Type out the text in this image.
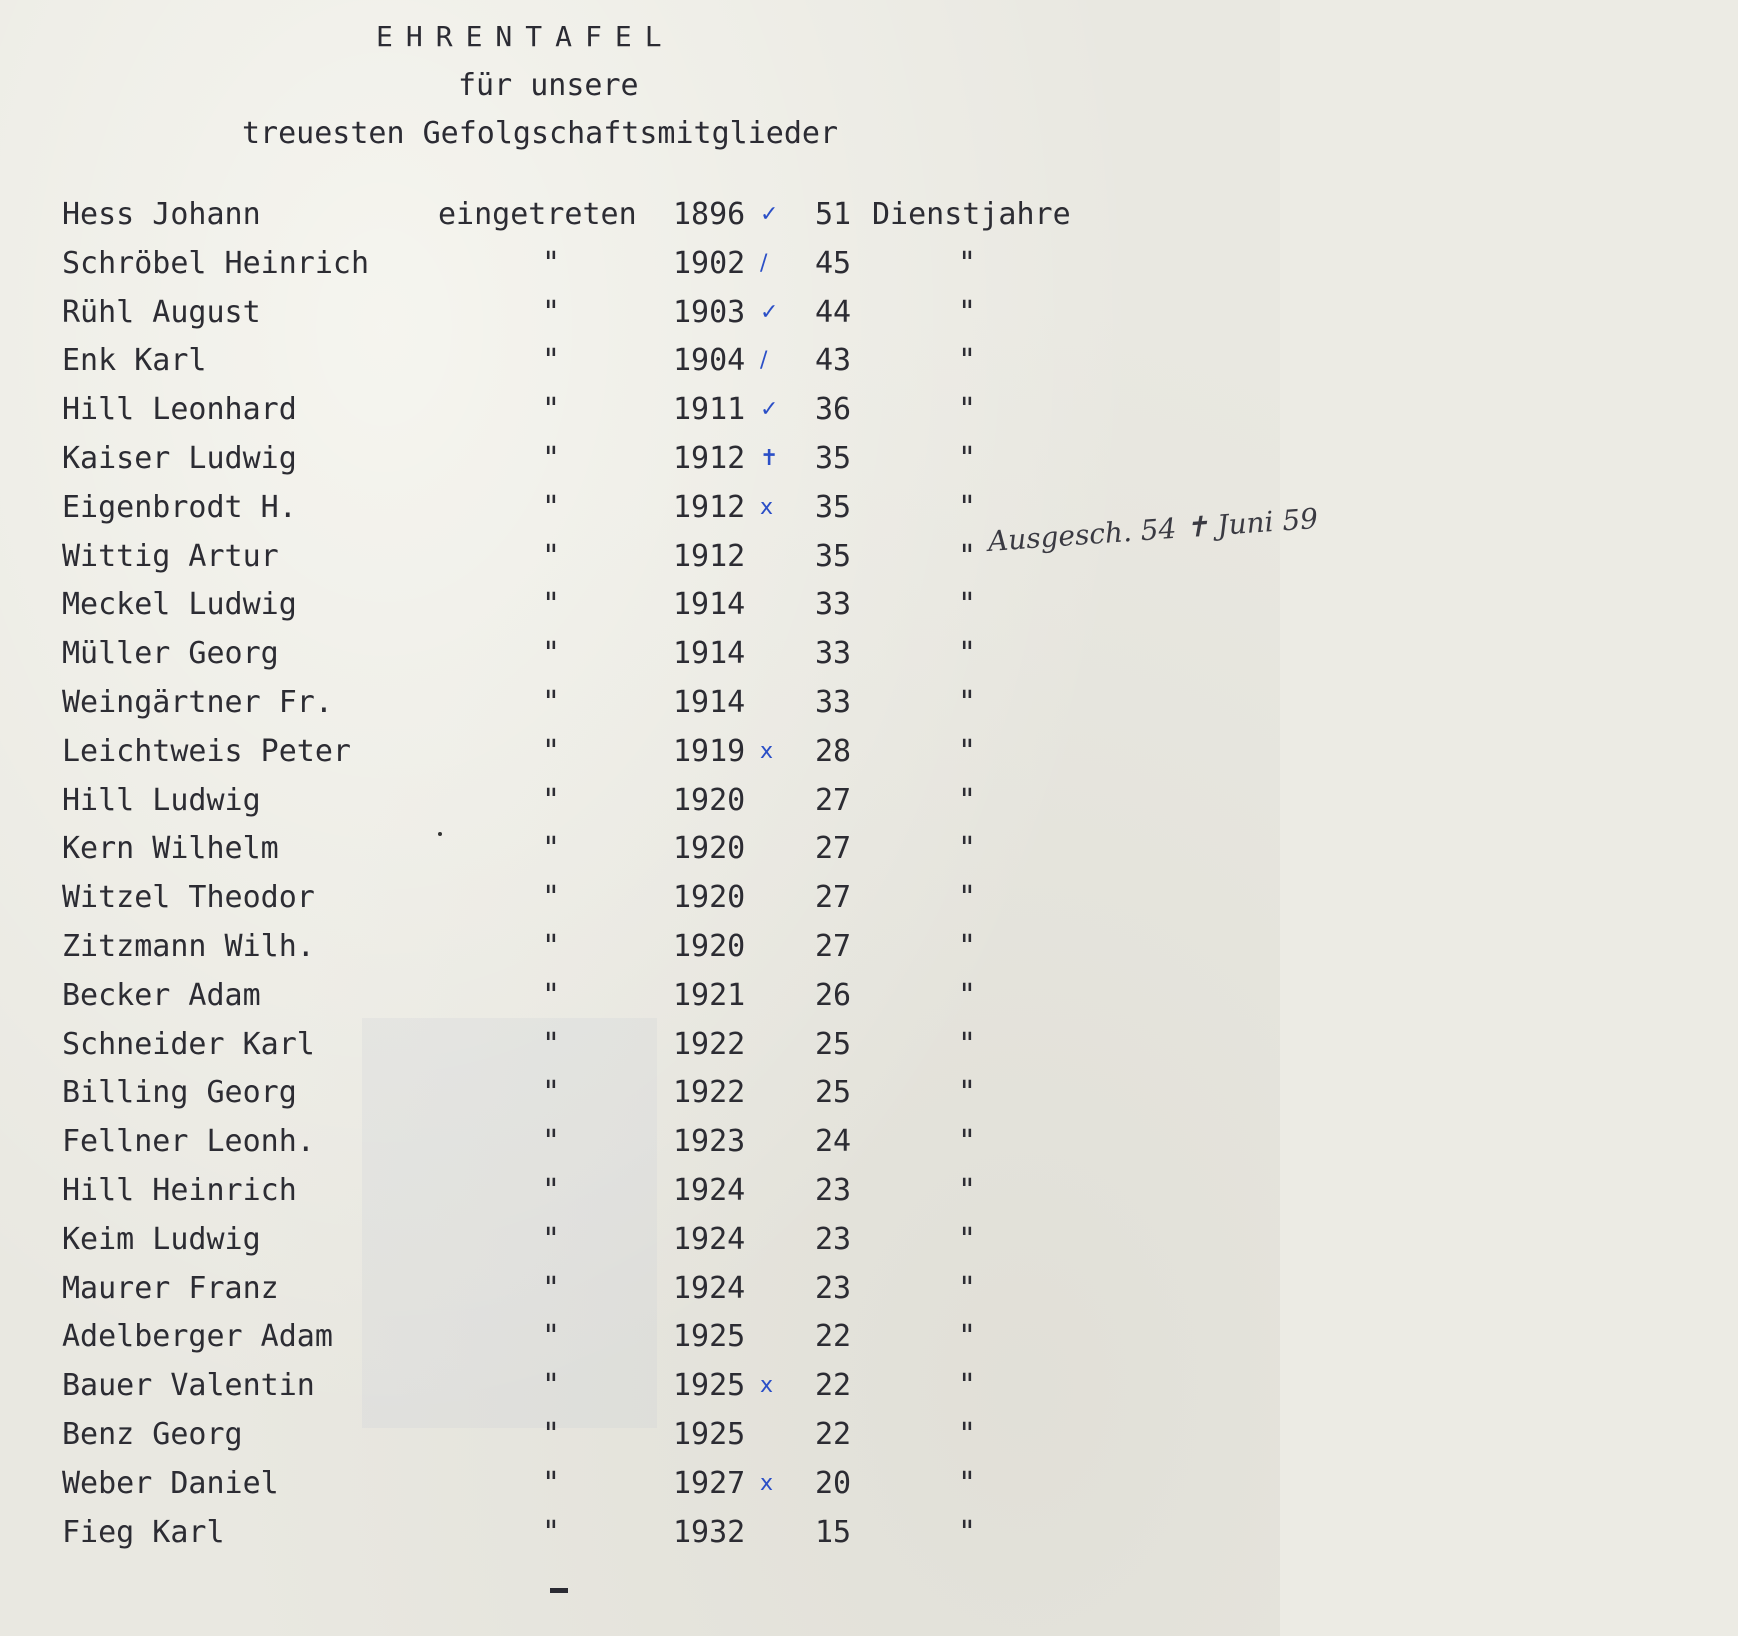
EHRENTAFEL
für unsere
treuesten Gefolgschaftsmitglieder
Hess Johann	eingetreten 1896 ✓ 51 Dienstjahre
Schröbel Heinrich	"	1902 / 45	"
Rühl August	"	1903 ✓ 44	"
Enk Karl	"	1904 / 43	"
Hill Leonhard	"	1911 ✓ 36	"
Kaiser Ludwig	"	1912 ✝ 35	"
Eigenbrodt H.	"	1912 x 35	"
Wittig Artur	"	1912 35	"
Meckel Ludwig	"	1914 33	"
Müller Georg	"	1914 33	"
Weingärtner Fr.	"	1914 33	"
Leichtweis Peter	"	1919 x 28	"
Hill Ludwig	"	1920 27	"
Kern Wilhelm	"	1920 27	"
Witzel Theodor	"	1920 27	"
Zitzmann Wilh.	"	1920 27	"
Becker Adam	"	1921 26	"
Schneider Karl	"	1922 25	"
Billing Georg	"	1922 25	"
Fellner Leonh.	"	1923 24	"
Hill Heinrich	"	1924 23	"
Keim Ludwig	"	1924 23	"
Maurer Franz	"	1924 23	"
Adelberger Adam	"	1925 22	"
Bauer Valentin	"	1925 x 22	"
Benz Georg	"	1925 22	"
Weber Daniel	"	1927 x 20	"
Fieg Karl	"	1932 15	"
Ausgesch. 54 ✝ Juni 59
